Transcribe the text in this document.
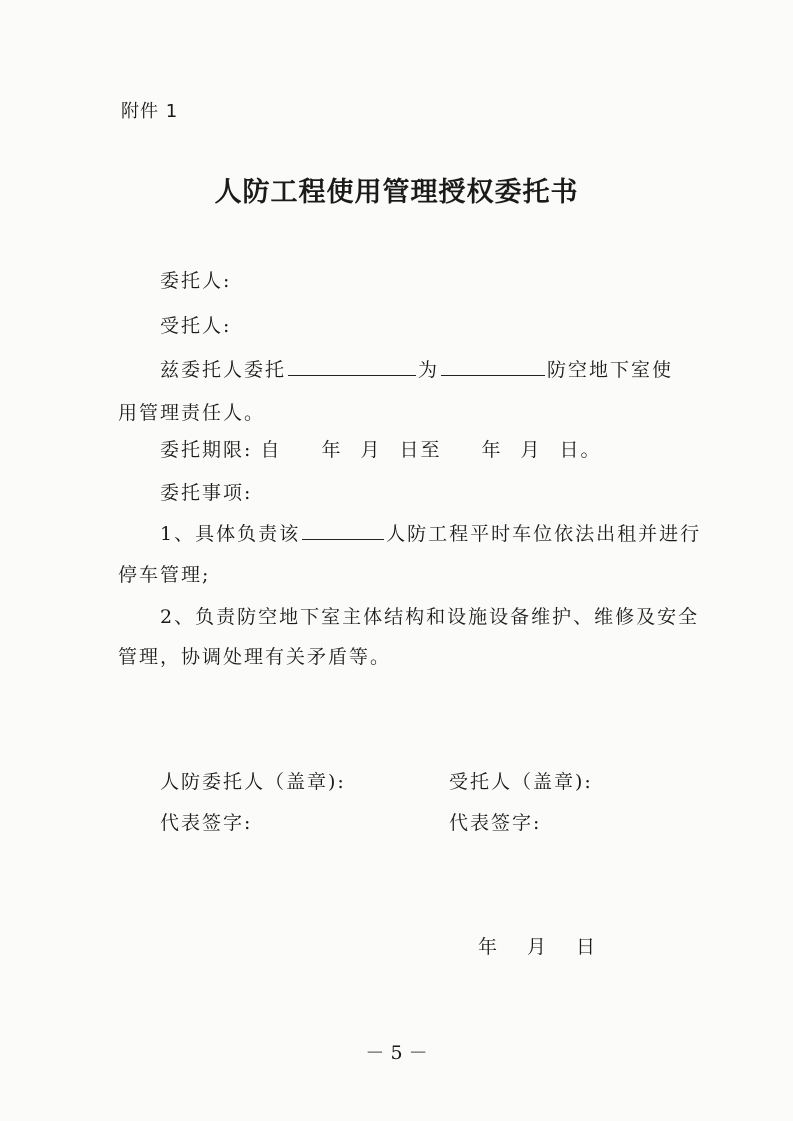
附件 1
人防工程使用管理授权委托书
委托人:
受托人:
兹委托人委托	为	防空地下室使
用管理责任人。
委托期限: 自 年 月 日至 年 月 日。
委托事项:
1、具体负责该	人防工程平时车位依法出租并进行
停车管理;
2、负责防空地下室主体结构和设施设备维护、维修及安全
管理，协调处理有关矛盾等。
人防委托人（盖章):	受托人（盖章):
代表签字:	代表签字:
年 月 日
－ 5 －
